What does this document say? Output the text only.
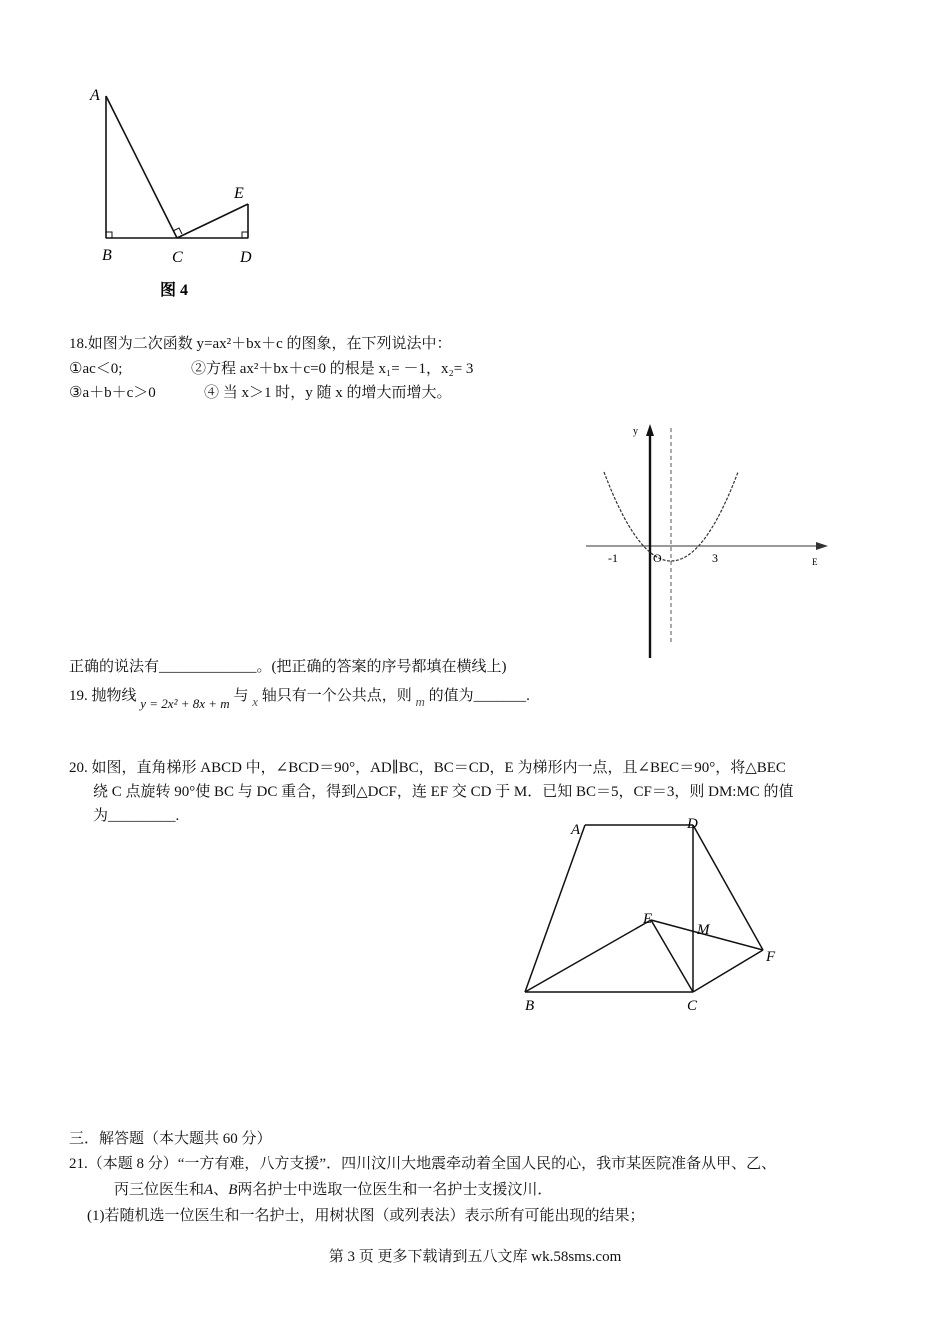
A
B	C	D
E
图 4
18.如图为二次函数 y=ax²＋bx＋c 的图象，在下列说法中：
①ac＜0;	②方程 ax²＋bx＋c=0 的根是 x₁= －1，x₂= 3
③a＋b＋c＞0	④ 当 x＞1 时，y 随 x 的增大而增大。
y
E
-1	O	3
正确的说法有_____________。(把正确的答案的序号都填在横线上)
19. 抛物线 y = 2x² + 8x + m 与 x 轴只有一个公共点，则 m 的值为_______.
20. 如图，直角梯形 ABCD 中，∠BCD＝90°，AD∥BC，BC＝CD，E 为梯形内一点，且∠BEC＝90°，将△BEC
绕 C 点旋转 90°使 BC 与 DC 重合，得到△DCF，连 EF 交 CD 于 M．已知 BC＝5，CF＝3，则 DM:MC 的值
为_________.
A	D
E
M
F
B	C
三．解答题（本大题共 60 分）
21.（本题 8 分）“一方有难，八方支援”．四川汶川大地震牵动着全国人民的心，我市某医院准备从甲、乙、
丙三位医生和A、B两名护士中选取一位医生和一名护士支援汶川．
(1)若随机选一位医生和一名护士，用树状图（或列表法）表示所有可能出现的结果；
第 3 页 更多下载请到五八文库 wk.58sms.com
